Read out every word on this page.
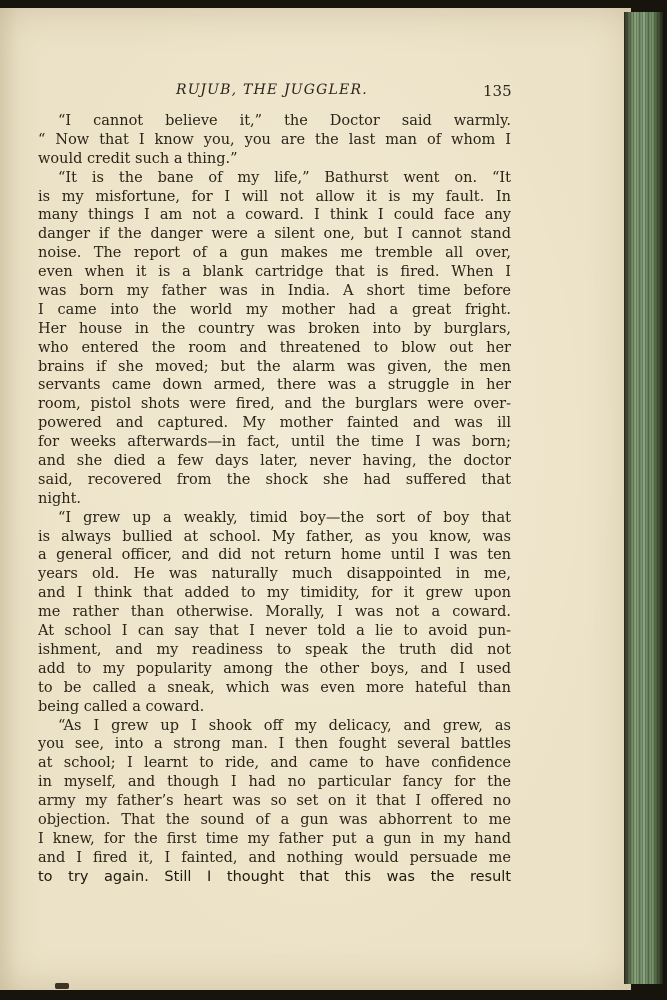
RUJUB, THE JUGGLER.	135
“I cannot believe it,” the Doctor said warmly.
“ Now that I know you, you are the last man of whom I
would credit such a thing.”
“It is the bane of my life,” Bathurst went on. “It
is my misfortune, for I will not allow it is my fault. In
many things I am not a coward. I think I could face any
danger if the danger were a silent one, but I cannot stand
noise. The report of a gun makes me tremble all over,
even when it is a blank cartridge that is fired. When I
was born my father was in India. A short time before
I came into the world my mother had a great fright.
Her house in the country was broken into by burglars,
who entered the room and threatened to blow out her
brains if she moved; but the alarm was given, the men
servants came down armed, there was a struggle in her
room, pistol shots were fired, and the burglars were over-
powered and captured. My mother fainted and was ill
for weeks afterwards—in fact, until the time I was born;
and she died a few days later, never having, the doctor
said, recovered from the shock she had suffered that
night.
“I grew up a weakly, timid boy—the sort of boy that
is always bullied at school. My father, as you know, was
a general officer, and did not return home until I was ten
years old. He was naturally much disappointed in me,
and I think that added to my timidity, for it grew upon
me rather than otherwise. Morally, I was not a coward.
At school I can say that I never told a lie to avoid pun-
ishment, and my readiness to speak the truth did not
add to my popularity among the other boys, and I used
to be called a sneak, which was even more hateful than
being called a coward.
“As I grew up I shook off my delicacy, and grew, as
you see, into a strong man. I then fought several battles
at school; I learnt to ride, and came to have confidence
in myself, and though I had no particular fancy for the
army my father’s heart was so set on it that I offered no
objection. That the sound of a gun was abhorrent to me
I knew, for the first time my father put a gun in my hand
and I fired it, I fainted, and nothing would persuade me
to try again. Still I thought that this was the result
